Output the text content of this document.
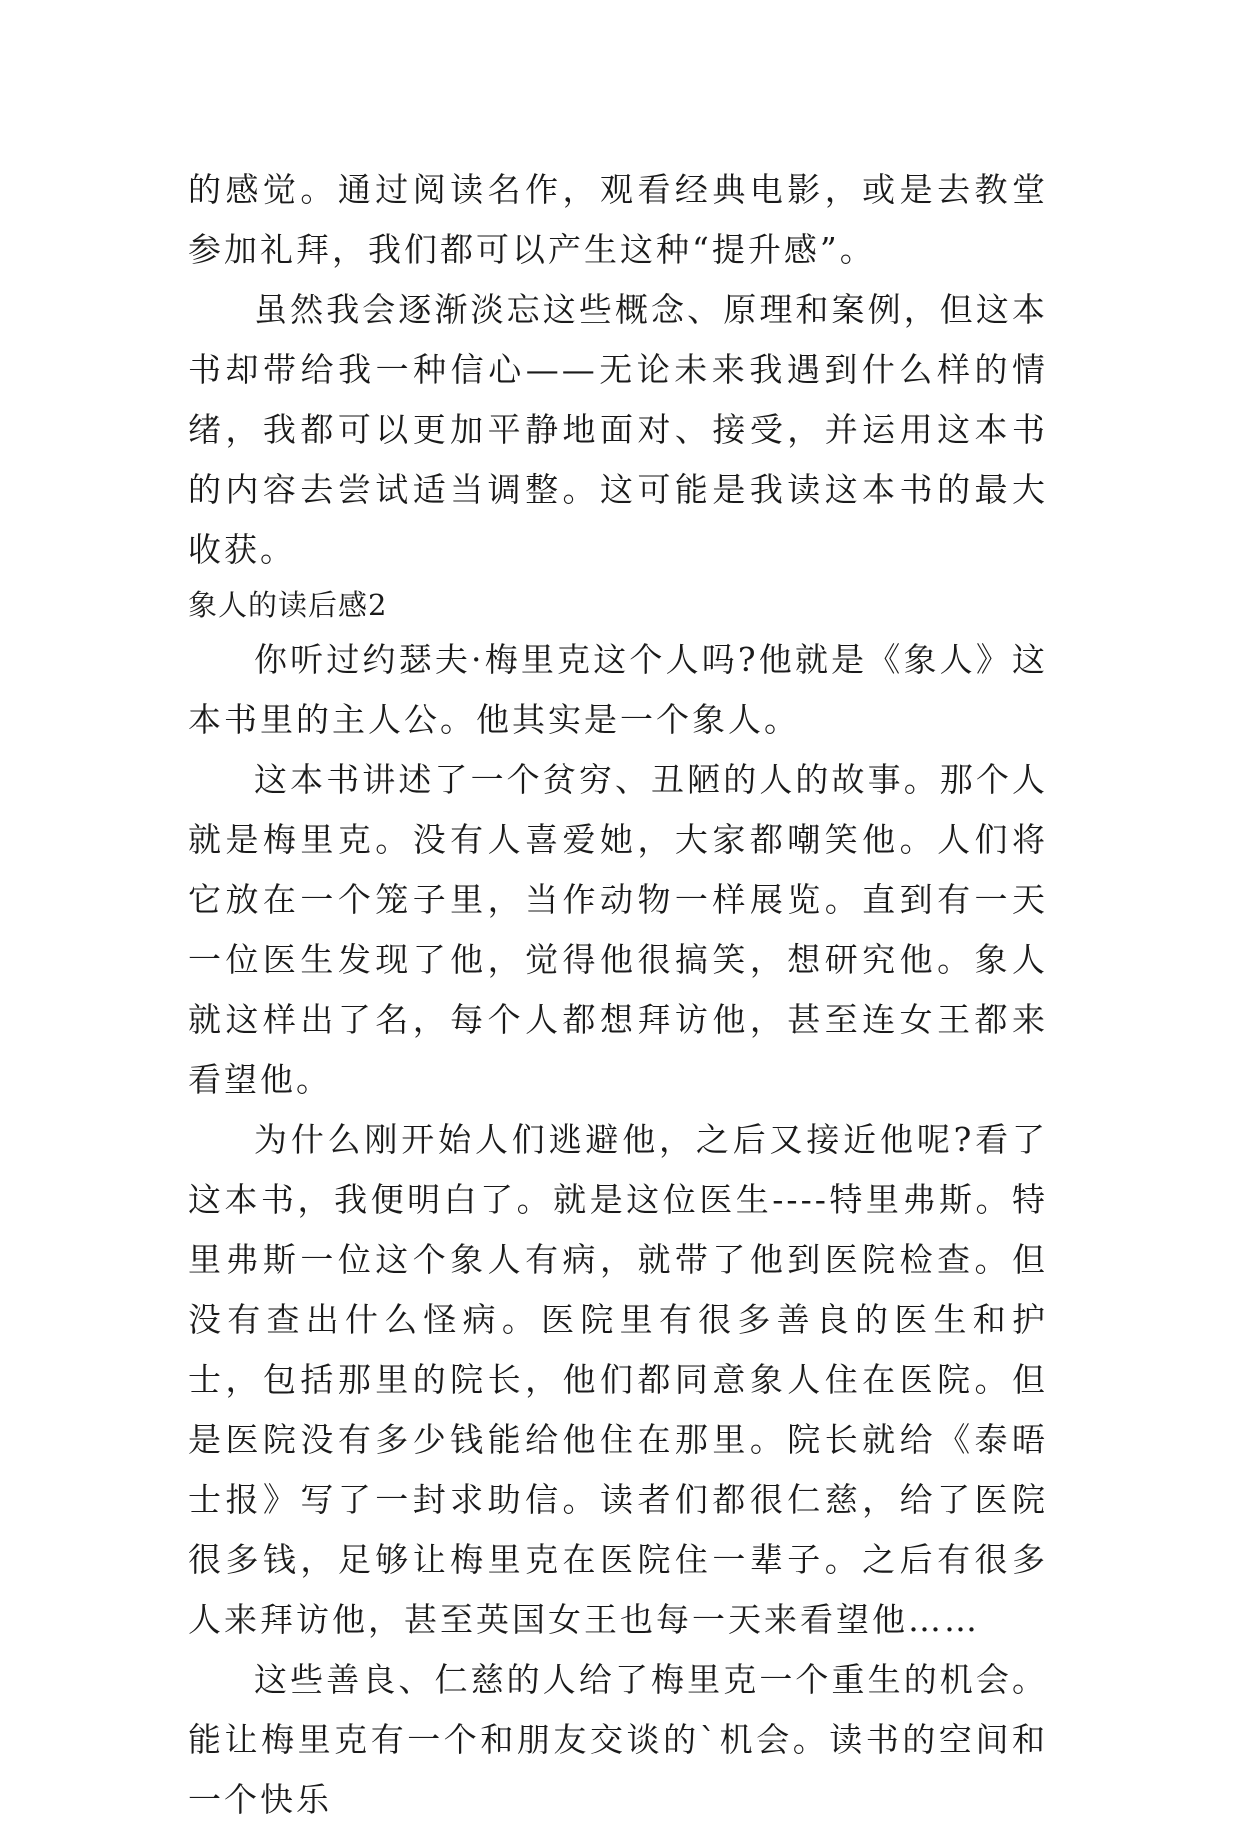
的感觉。通过阅读名作，观看经典电影，或是去教堂参加礼拜，我们都可以产生这种“提升感”。

虽然我会逐渐淡忘这些概念、原理和案例，但这本书却带给我一种信心——无论未来我遇到什么样的情绪，我都可以更加平静地面对、接受，并运用这本书的内容去尝试适当调整。这可能是我读这本书的最大收获。

象人的读后感2

你听过约瑟夫·梅里克这个人吗?他就是《象人》这本书里的主人公。他其实是一个象人。

这本书讲述了一个贫穷、丑陋的人的故事。那个人就是梅里克。没有人喜爱她，大家都嘲笑他。人们将它放在一个笼子里，当作动物一样展览。直到有一天一位医生发现了他，觉得他很搞笑，想研究他。象人就这样出了名，每个人都想拜访他，甚至连女王都来看望他。

为什么刚开始人们逃避他，之后又接近他呢?看了这本书，我便明白了。就是这位医生----特里弗斯。特里弗斯一位这个象人有病，就带了他到医院检查。但没有查出什么怪病。医院里有很多善良的医生和护士，包括那里的院长，他们都同意象人住在医院。但是医院没有多少钱能给他住在那里。院长就给《泰晤士报》写了一封求助信。读者们都很仁慈，给了医院很多钱，足够让梅里克在医院住一辈子。之后有很多人来拜访他，甚至英国女王也每一天来看望他……

这些善良、仁慈的人给了梅里克一个重生的机会。能让梅里克有一个和朋友交谈的`机会。读书的空间和一个快乐
